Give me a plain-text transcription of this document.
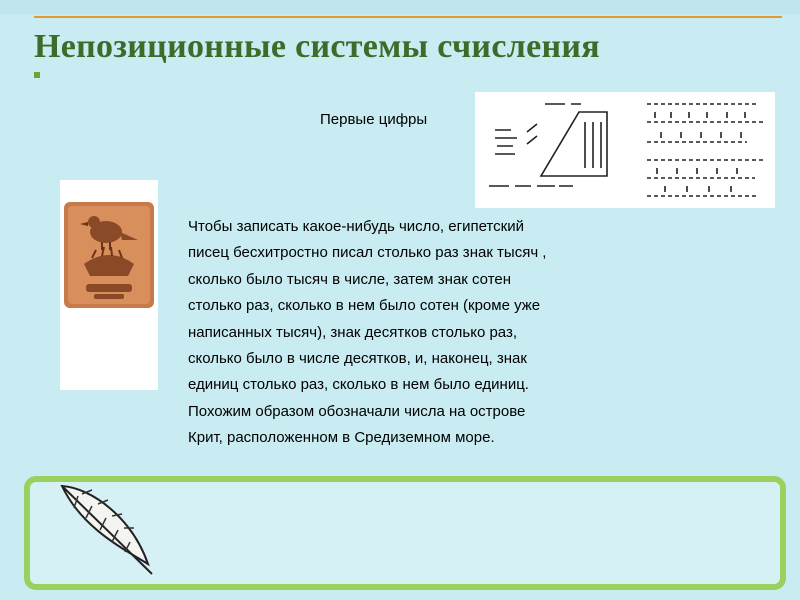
Непозиционные системы счисления
Первые цифры
Чтобы записать какое-нибудь число, египетский
писец бесхитростно писал столько раз знак тысяч ,
сколько было тысяч в числе, затем знак сотен
столько раз, сколько в нем было сотен (кроме уже
написанных тысяч), знак десятков столько раз,
сколько было в числе десятков, и, наконец, знак
единиц столько раз, сколько в нем было единиц.
Похожим образом обозначали числа на острове
Крит, расположенном в Средиземном море.
